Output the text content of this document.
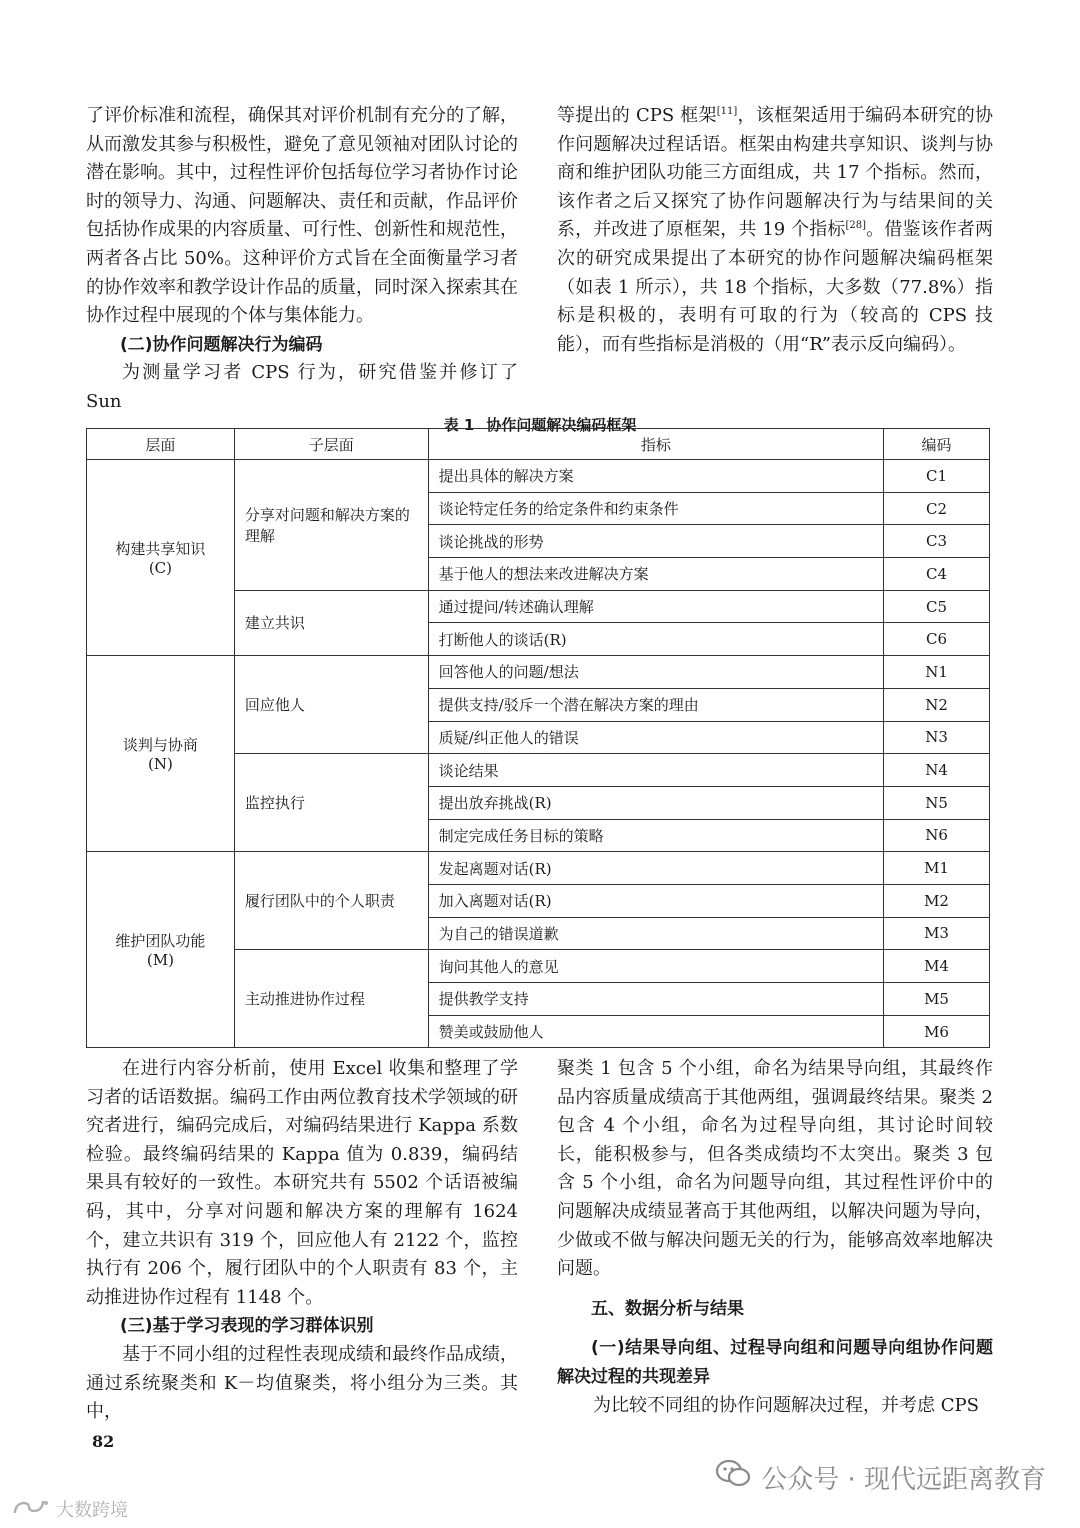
了评价标准和流程，确保其对评价机制有充分的了解，从而激发其参与积极性，避免了意见领袖对团队讨论的潜在影响。其中，过程性评价包括每位学习者协作讨论时的领导力、沟通、问题解决、责任和贡献，作品评价包括协作成果的内容质量、可行性、创新性和规范性，两者各占比 50%。这种评价方式旨在全面衡量学习者的协作效率和教学设计作品的质量，同时深入探索其在协作过程中展现的个体与集体能力。

(二)协作问题解决行为编码

为测量学习者 CPS 行为，研究借鉴并修订了 Sun

等提出的 CPS 框架[11]，该框架适用于编码本研究的协作问题解决过程话语。框架由构建共享知识、谈判与协商和维护团队功能三方面组成，共 17 个指标。然而，该作者之后又探究了协作问题解决行为与结果间的关系，并改进了原框架，共 19 个指标[28]。借鉴该作者两次的研究成果提出了本研究的协作问题解决编码框架（如表 1 所示），共 18 个指标，大多数（77.8%）指标是积极的，表明有可取的行为（较高的 CPS 技能），而有些指标是消极的（用“R”表示反向编码）。

表 1 协作问题解决编码框架
层面	子层面	指标	编码
构建共享知识
(C)	分享对问题和解决方案的理解	提出具体的解决方案	C1
		谈论特定任务的给定条件和约束条件	C2
		谈论挑战的形势	C3
		基于他人的想法来改进解决方案	C4
	建立共识	通过提问/转述确认理解	C5
		打断他人的谈话(R)	C6
谈判与协商
(N)	回应他人	回答他人的问题/想法	N1
		提供支持/驳斥一个潜在解决方案的理由	N2
		质疑/纠正他人的错误	N3
	监控执行	谈论结果	N4
		提出放弃挑战(R)	N5
		制定完成任务目标的策略	N6
维护团队功能
(M)	履行团队中的个人职责	发起离题对话(R)	M1
		加入离题对话(R)	M2
		为自己的错误道歉	M3
	主动推进协作过程	询问其他人的意见	M4
		提供教学支持	M5
		赞美或鼓励他人	M6

在进行内容分析前，使用 Excel 收集和整理了学习者的话语数据。编码工作由两位教育技术学领域的研究者进行，编码完成后，对编码结果进行 Kappa 系数检验。最终编码结果的 Kappa 值为 0.839，编码结果具有较好的一致性。本研究共有 5502 个话语被编码，其中，分享对问题和解决方案的理解有 1624 个，建立共识有 319 个，回应他人有 2122 个，监控执行有 206 个，履行团队中的个人职责有 83 个，主动推进协作过程有 1148 个。

(三)基于学习表现的学习群体识别

基于不同小组的过程性表现成绩和最终作品成绩，通过系统聚类和 K－均值聚类，将小组分为三类。其中，

聚类 1 包含 5 个小组，命名为结果导向组，其最终作品内容质量成绩高于其他两组，强调最终结果。聚类 2 包含 4 个小组，命名为过程导向组，其讨论时间较长，能积极参与，但各类成绩均不太突出。聚类 3 包含 5 个小组，命名为问题导向组，其过程性评价中的问题解决成绩显著高于其他两组，以解决问题为导向，少做或不做与解决问题无关的行为，能够高效率地解决问题。

五、数据分析与结果

(一)结果导向组、过程导向组和问题导向组协作问题解决过程的共现差异

为比较不同组的协作问题解决过程，并考虑 CPS

82
公众号 · 现代远距离教育
大数跨境
